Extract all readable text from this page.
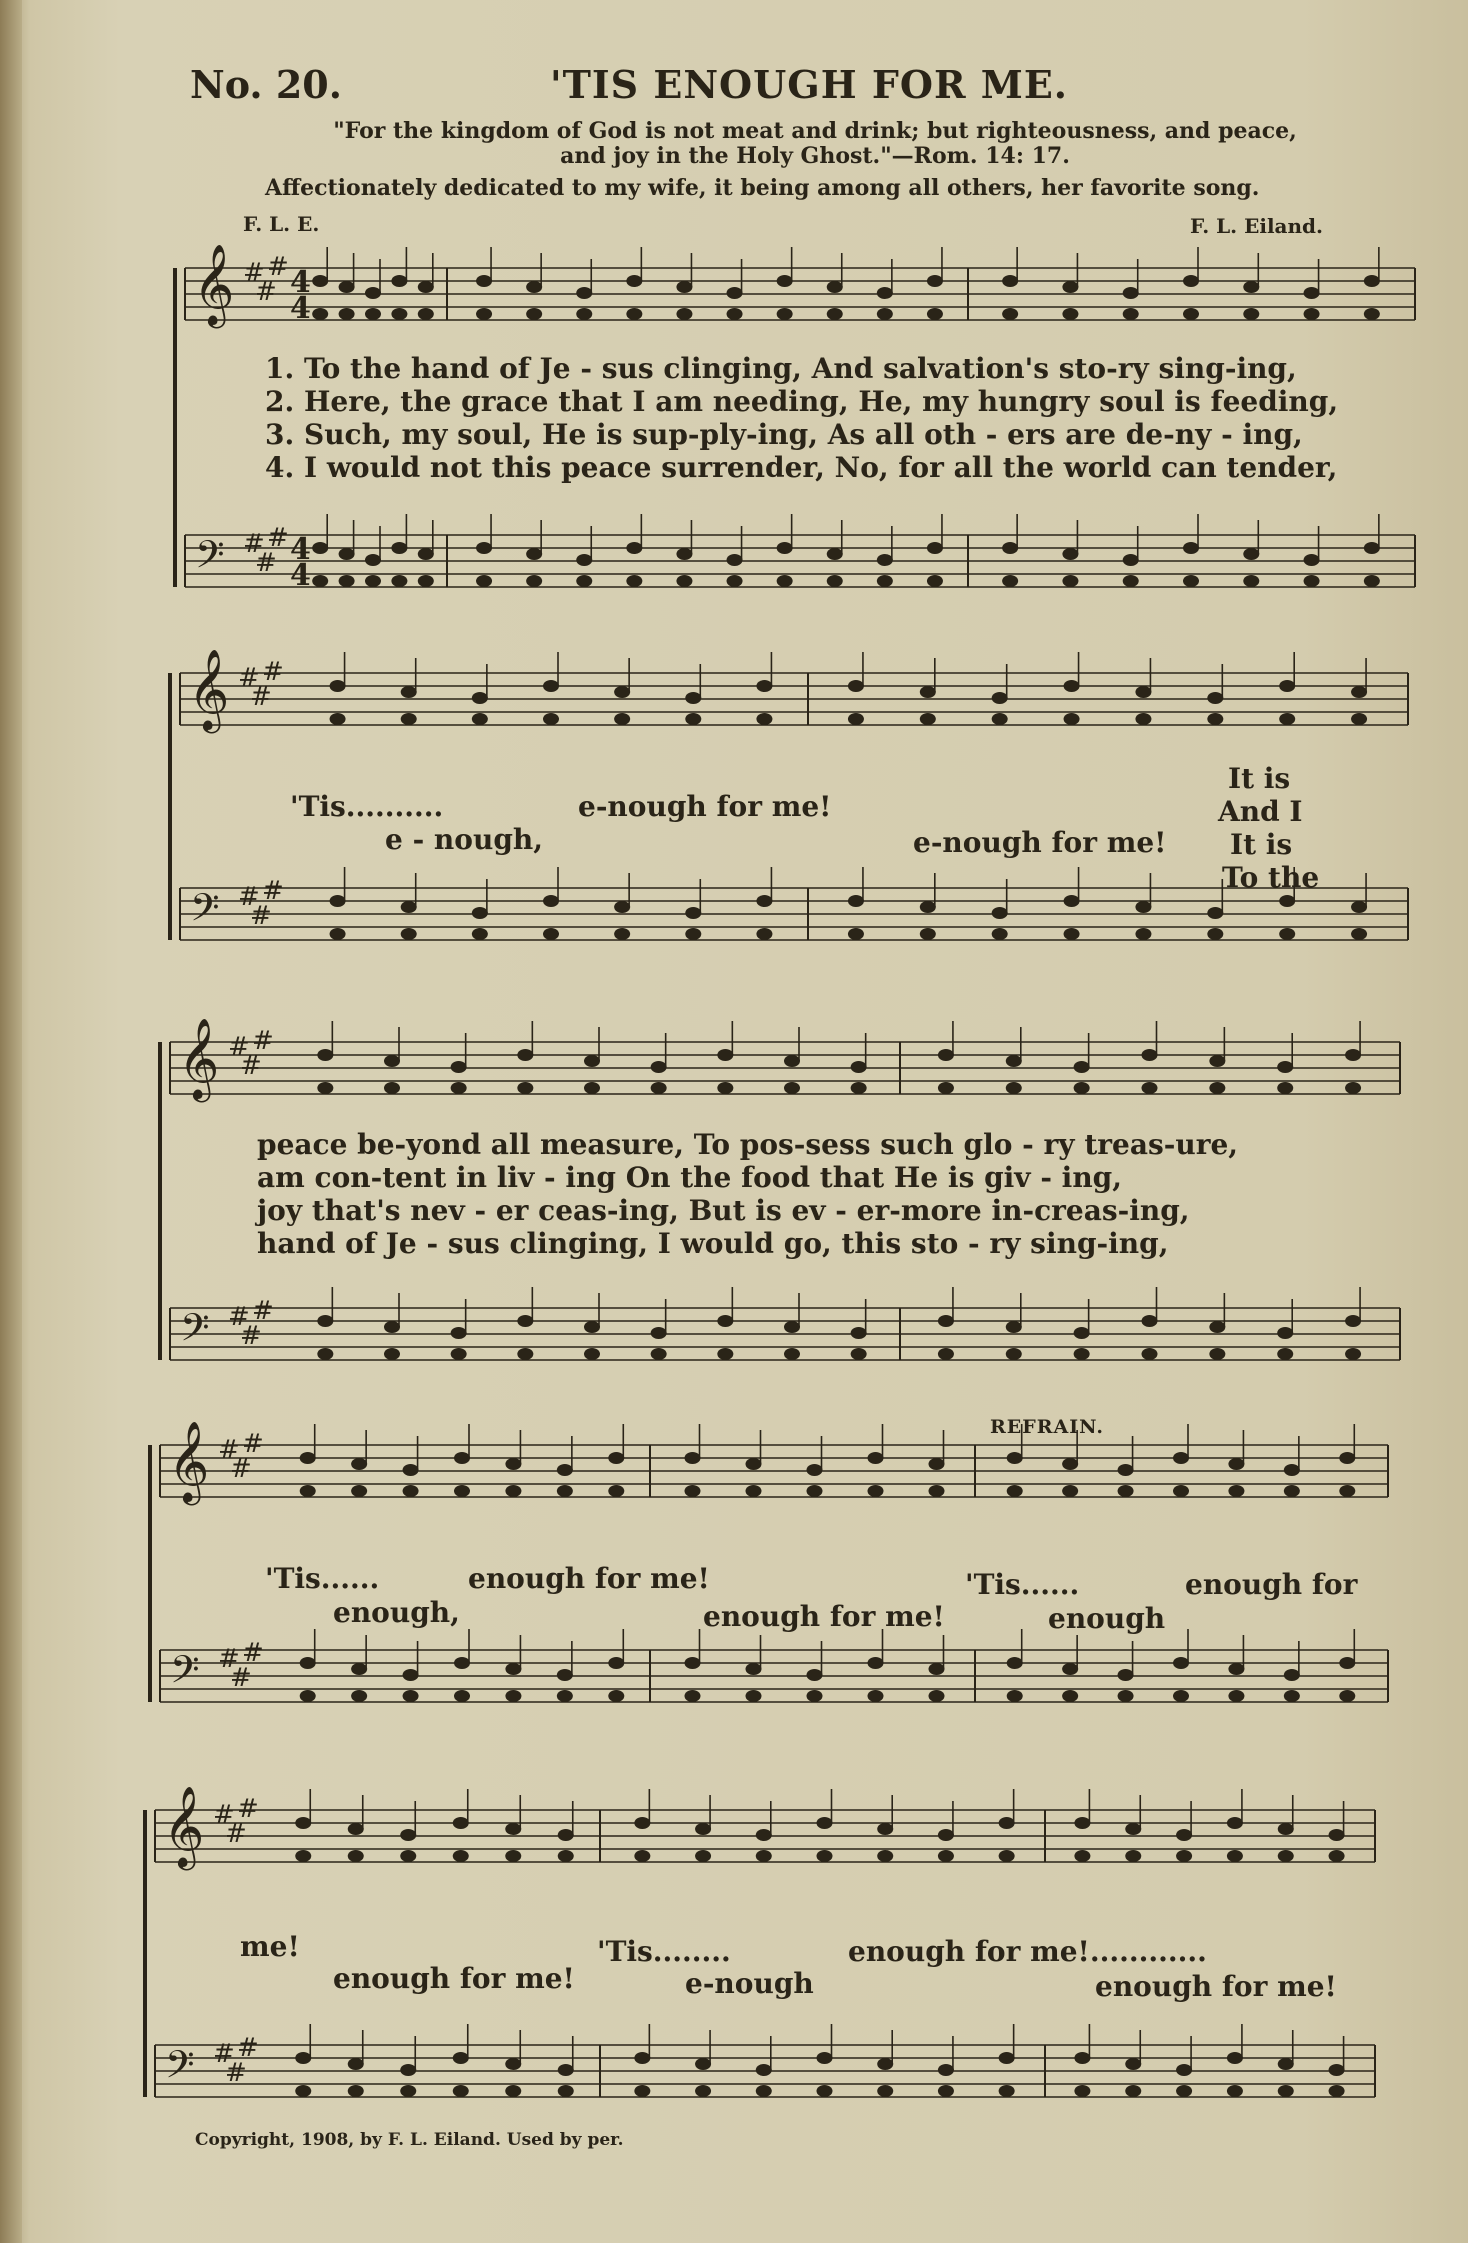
No. 20.	'TIS ENOUGH FOR ME.
"For the kingdom of God is not meat and drink; but righteousness, and peace,
and joy in the Holy Ghost."—Rom. 14: 17.
Affectionately dedicated to my wife, it being among all others, her favorite song.
F. L. E.	F. L. Eiland.
𝄞
𝄢
#
#
#
#
#
#
𝄞
𝄢
#
#
#
#
#
#
𝄞
𝄢
#
#
#
#
#
#
𝄞
𝄢
#
#
#
#
#
#
𝄞
𝄢
#
#
#
#
#
#
4
4
4
4
1. To the hand of Je - sus clinging, And salvation's sto-ry sing-ing,
2. Here, the grace that I am needing, He, my hungry soul is feeding,
3. Such, my soul, He is sup-ply-ing, As all oth - ers are de-ny - ing,
4. I would not this peace surrender, No, for all the world can tender,
'Tis..........	e-nough for me!
It is
e - nough,	e-nough for me!
And I
It is
To the
peace be-yond all measure, To pos-sess such glo - ry treas-ure,
am con-tent in liv - ing On the food that He is giv - ing,
joy that's nev - er ceas-ing, But is ev - er-more in-creas-ing,
hand of Je - sus clinging, I would go, this sto - ry sing-ing,
REFRAIN.
'Tis......	enough for me!	'Tis......	enough for
enough,	enough for me!	enough
me!	'Tis........	enough for me!............
enough for me!	e-nough	enough for me!
Copyright, 1908, by F. L. Eiland. Used by per.
